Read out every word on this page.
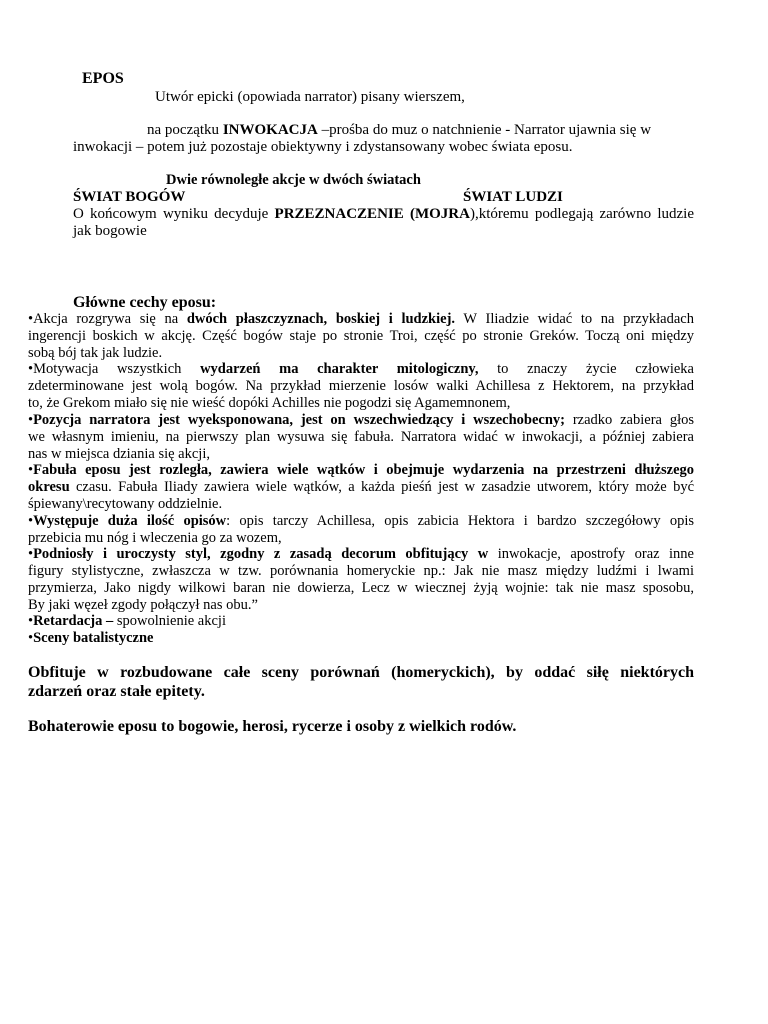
EPOS
Utwór epicki (opowiada narrator) pisany wierszem,
na początku INWOKACJA –prośba do muz o natchnienie - Narrator ujawnia się w
inwokacji – potem już pozostaje obiektywny i zdystansowany wobec świata eposu.
Dwie równoległe akcje w dwóch światach
ŚWIAT BOGÓW	ŚWIAT LUDZI
O końcowym wyniku decyduje PRZEZNACZENIE (MOJRA),któremu podlegają zarówno ludzie
jak bogowie
Główne cechy eposu:
•Akcja rozgrywa się na dwóch płaszczyznach, boskiej i ludzkiej. W Iliadzie widać to na przykładach
ingerencji boskich w akcję. Część bogów staje po stronie Troi, część po stronie Greków. Toczą oni między
sobą bój tak jak ludzie.
•Motywacja wszystkich wydarzeń ma charakter mitologiczny, to znaczy życie człowieka
zdeterminowane jest wolą bogów. Na przykład mierzenie losów walki Achillesa z Hektorem, na przykład
to, że Grekom miało się nie wieść dopóki Achilles nie pogodzi się Agamemnonem,
•Pozycja narratora jest wyeksponowana, jest on wszechwiedzący i wszechobecny; rzadko zabiera głos
we własnym imieniu, na pierwszy plan wysuwa się fabuła. Narratora widać w inwokacji, a później zabiera
nas w miejsca dziania się akcji,
•Fabuła eposu jest rozległa, zawiera wiele wątków i obejmuje wydarzenia na przestrzeni dłuższego
okresu czasu. Fabuła Iliady zawiera wiele wątków, a każda pieśń jest w zasadzie utworem, który może być
śpiewany\recytowany oddzielnie.
•Występuje duża ilość opisów: opis tarczy Achillesa, opis zabicia Hektora i bardzo szczegółowy opis
przebicia mu nóg i wleczenia go za wozem,
•Podniosły i uroczysty styl, zgodny z zasadą decorum obfitujący w inwokacje, apostrofy oraz inne
figury stylistyczne, zwłaszcza w tzw. porównania homeryckie np.: Jak nie masz między ludźmi i lwami
przymierza, Jako nigdy wilkowi baran nie dowierza, Lecz w wiecznej żyją wojnie: tak nie masz sposobu,
By jaki węzeł zgody połączył nas obu.”
•Retardacja – spowolnienie akcji
•Sceny batalistyczne
Obfituje w rozbudowane całe sceny porównań (homeryckich), by oddać siłę niektórych
zdarzeń oraz stałe epitety.
Bohaterowie eposu to bogowie, herosi, rycerze i osoby z wielkich rodów.
